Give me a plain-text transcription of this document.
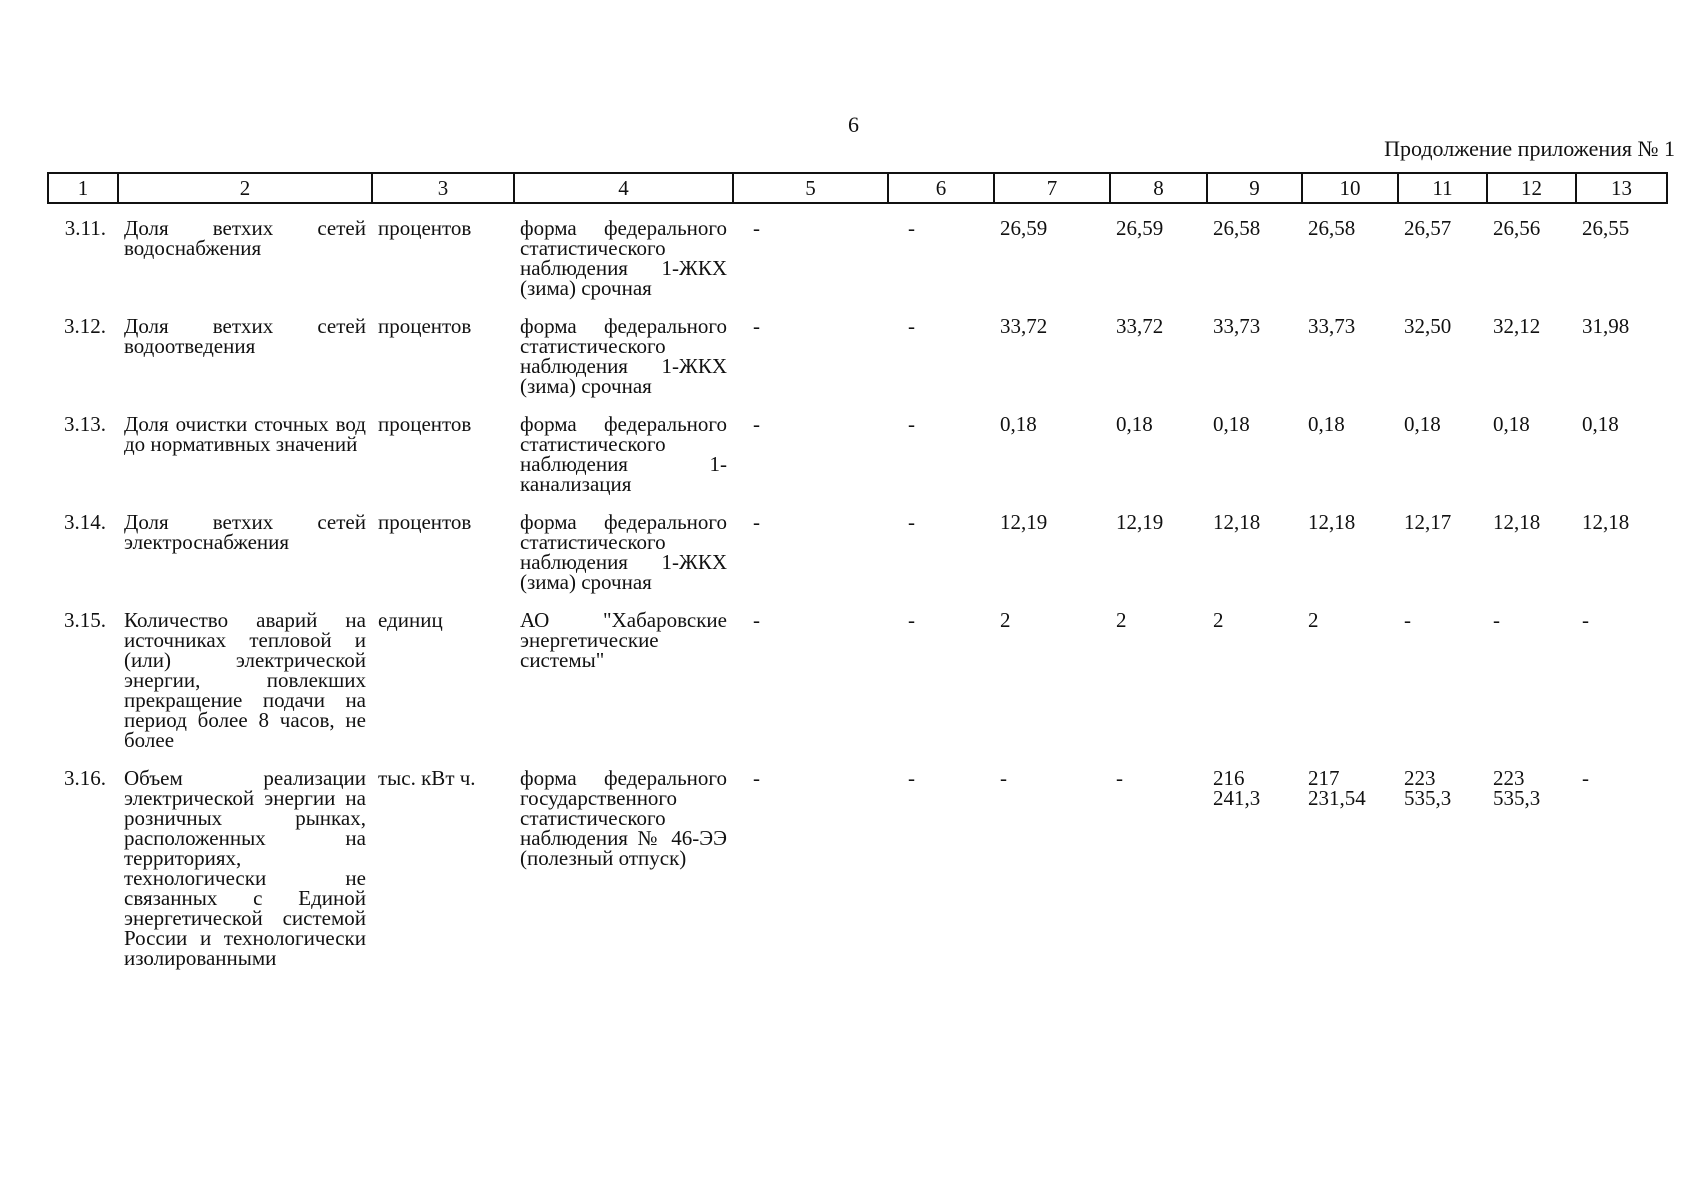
6
Продолжение приложения № 1
1	2	3	4	5	6	7	8	9	10	11	12	13
3.11.	Доля ветхих сетей водоснабжения	процентов	форма федерального статистического наблюдения 1-ЖКХ (зима) срочная	-	-	26,59	26,59	26,58	26,58	26,57	26,56	26,55
3.12.	Доля ветхих сетей водоотведения	процентов	форма федерального статистического наблюдения 1-ЖКХ (зима) срочная	-	-	33,72	33,72	33,73	33,73	32,50	32,12	31,98
3.13.	Доля очистки сточных вод до нормативных значений	процентов	форма федерального статистического наблюдения 1-канализация	-	-	0,18	0,18	0,18	0,18	0,18	0,18	0,18
3.14.	Доля ветхих сетей электроснабжения	процентов	форма федерального статистического наблюдения 1-ЖКХ (зима) срочная	-	-	12,19	12,19	12,18	12,18	12,17	12,18	12,18
3.15.	Количество аварий на источниках тепловой и (или) электрической энергии, повлекших прекращение подачи на период более 8 часов, не более	единиц	АО "Хабаровские энергетические системы"	-	-	2	2	2	2	-	-	-
3.16.	Объем реализации электрической энергии на розничных рынках, расположенных на территориях, технологически не связанных с Единой энергетической системой России и технологически изолированными	тыс. кВт ч.	форма федерального государственного статистического наблюдения № 46-ЭЭ (полезный отпуск)	-	-	-	-	216 241,3	217 231,54	223 535,3	223 535,3	-
